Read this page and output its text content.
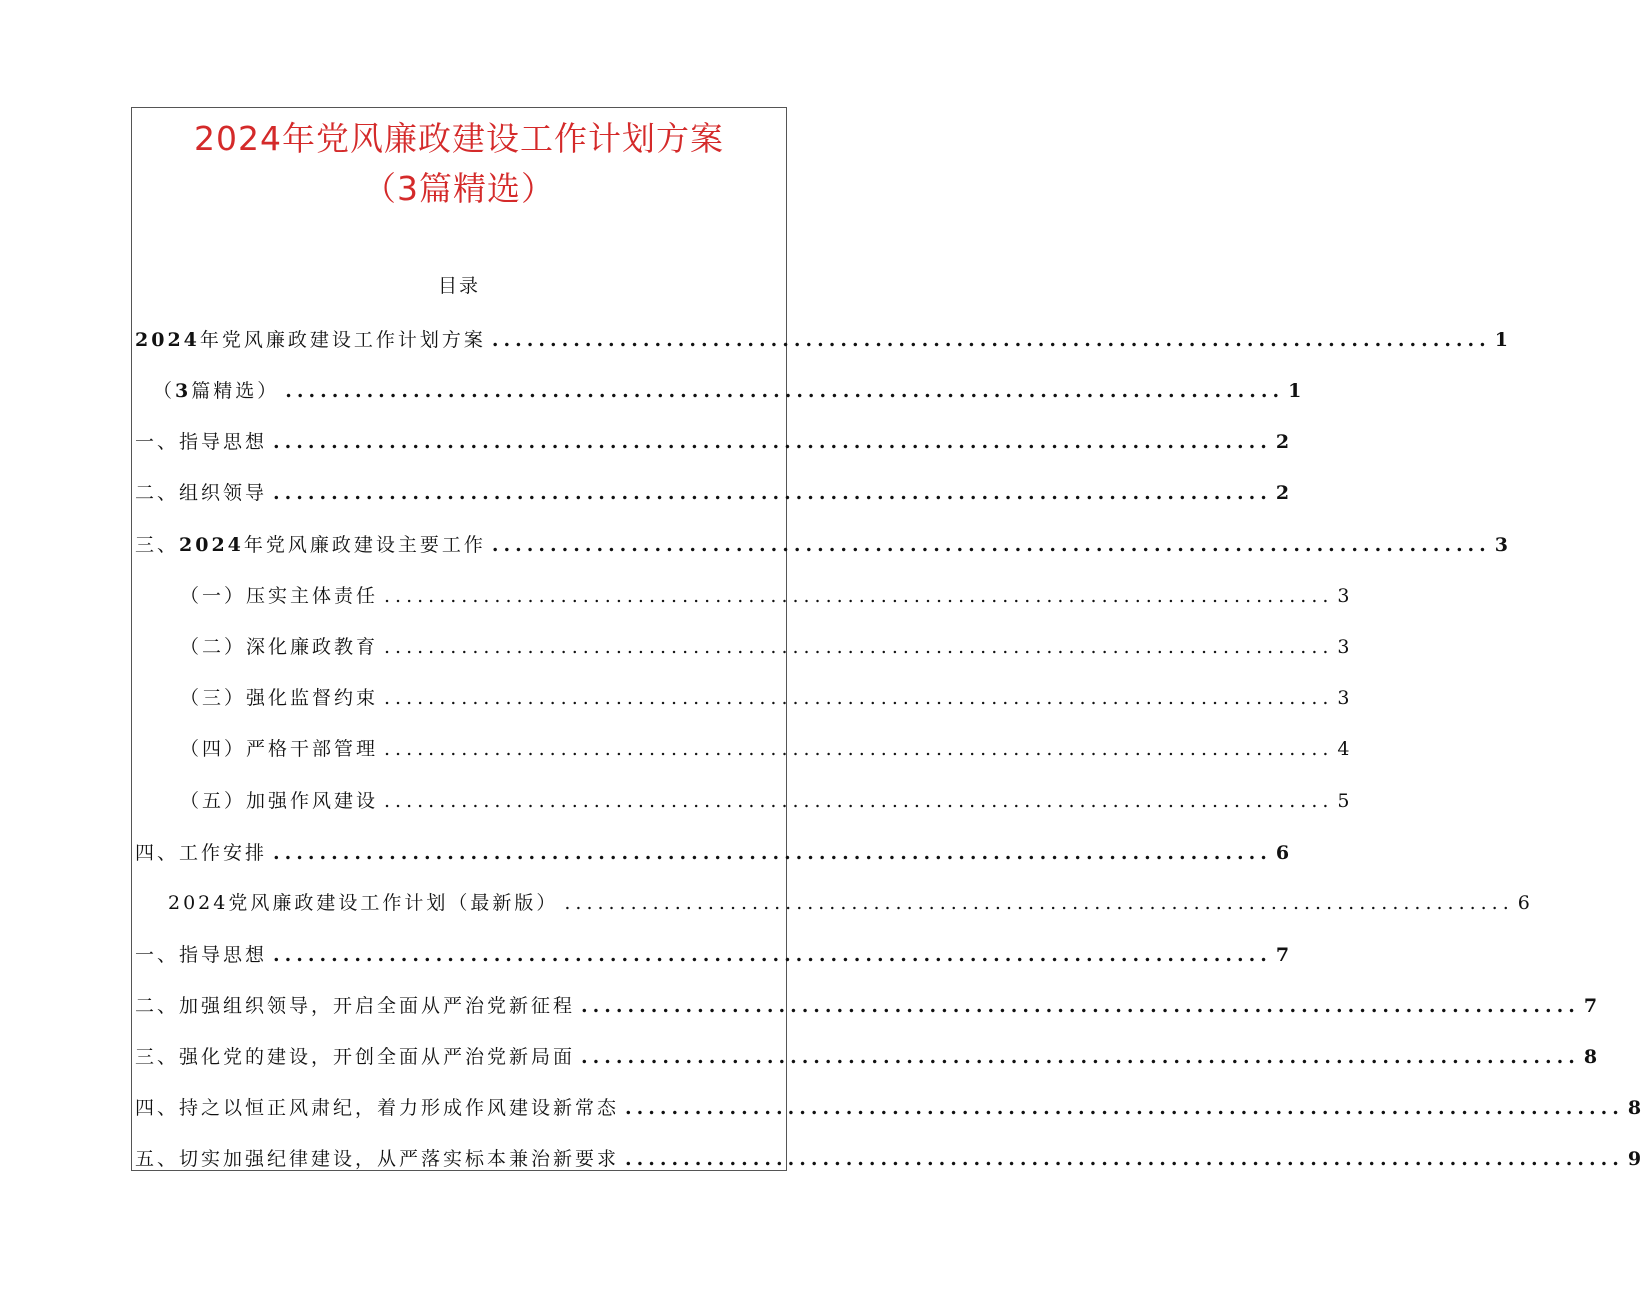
2024年党风廉政建设工作计划方案
（3篇精选）
目录
2024年党风廉政建设工作计划方案 ...................................................................................... 1
（3篇精选） ...................................................................................... 1
一、指导思想 ...................................................................................... 2
二、组织领导 ...................................................................................... 2
三、2024年党风廉政建设主要工作 ...................................................................................... 3
（一）压实主体责任 ...................................................................................... 3
（二）深化廉政教育 ...................................................................................... 3
（三）强化监督约束 ...................................................................................... 3
（四）严格干部管理 ...................................................................................... 4
（五）加强作风建设 ...................................................................................... 5
四、工作安排 ...................................................................................... 6
2024党风廉政建设工作计划（最新版） ...................................................................................... 6
一、指导思想 ...................................................................................... 7
二、加强组织领导，开启全面从严治党新征程 ...................................................................................... 7
三、强化党的建设，开创全面从严治党新局面 ...................................................................................... 8
四、持之以恒正风肃纪，着力形成作风建设新常态 ...................................................................................... 8
五、切实加强纪律建设，从严落实标本兼治新要求 ...................................................................................... 9
